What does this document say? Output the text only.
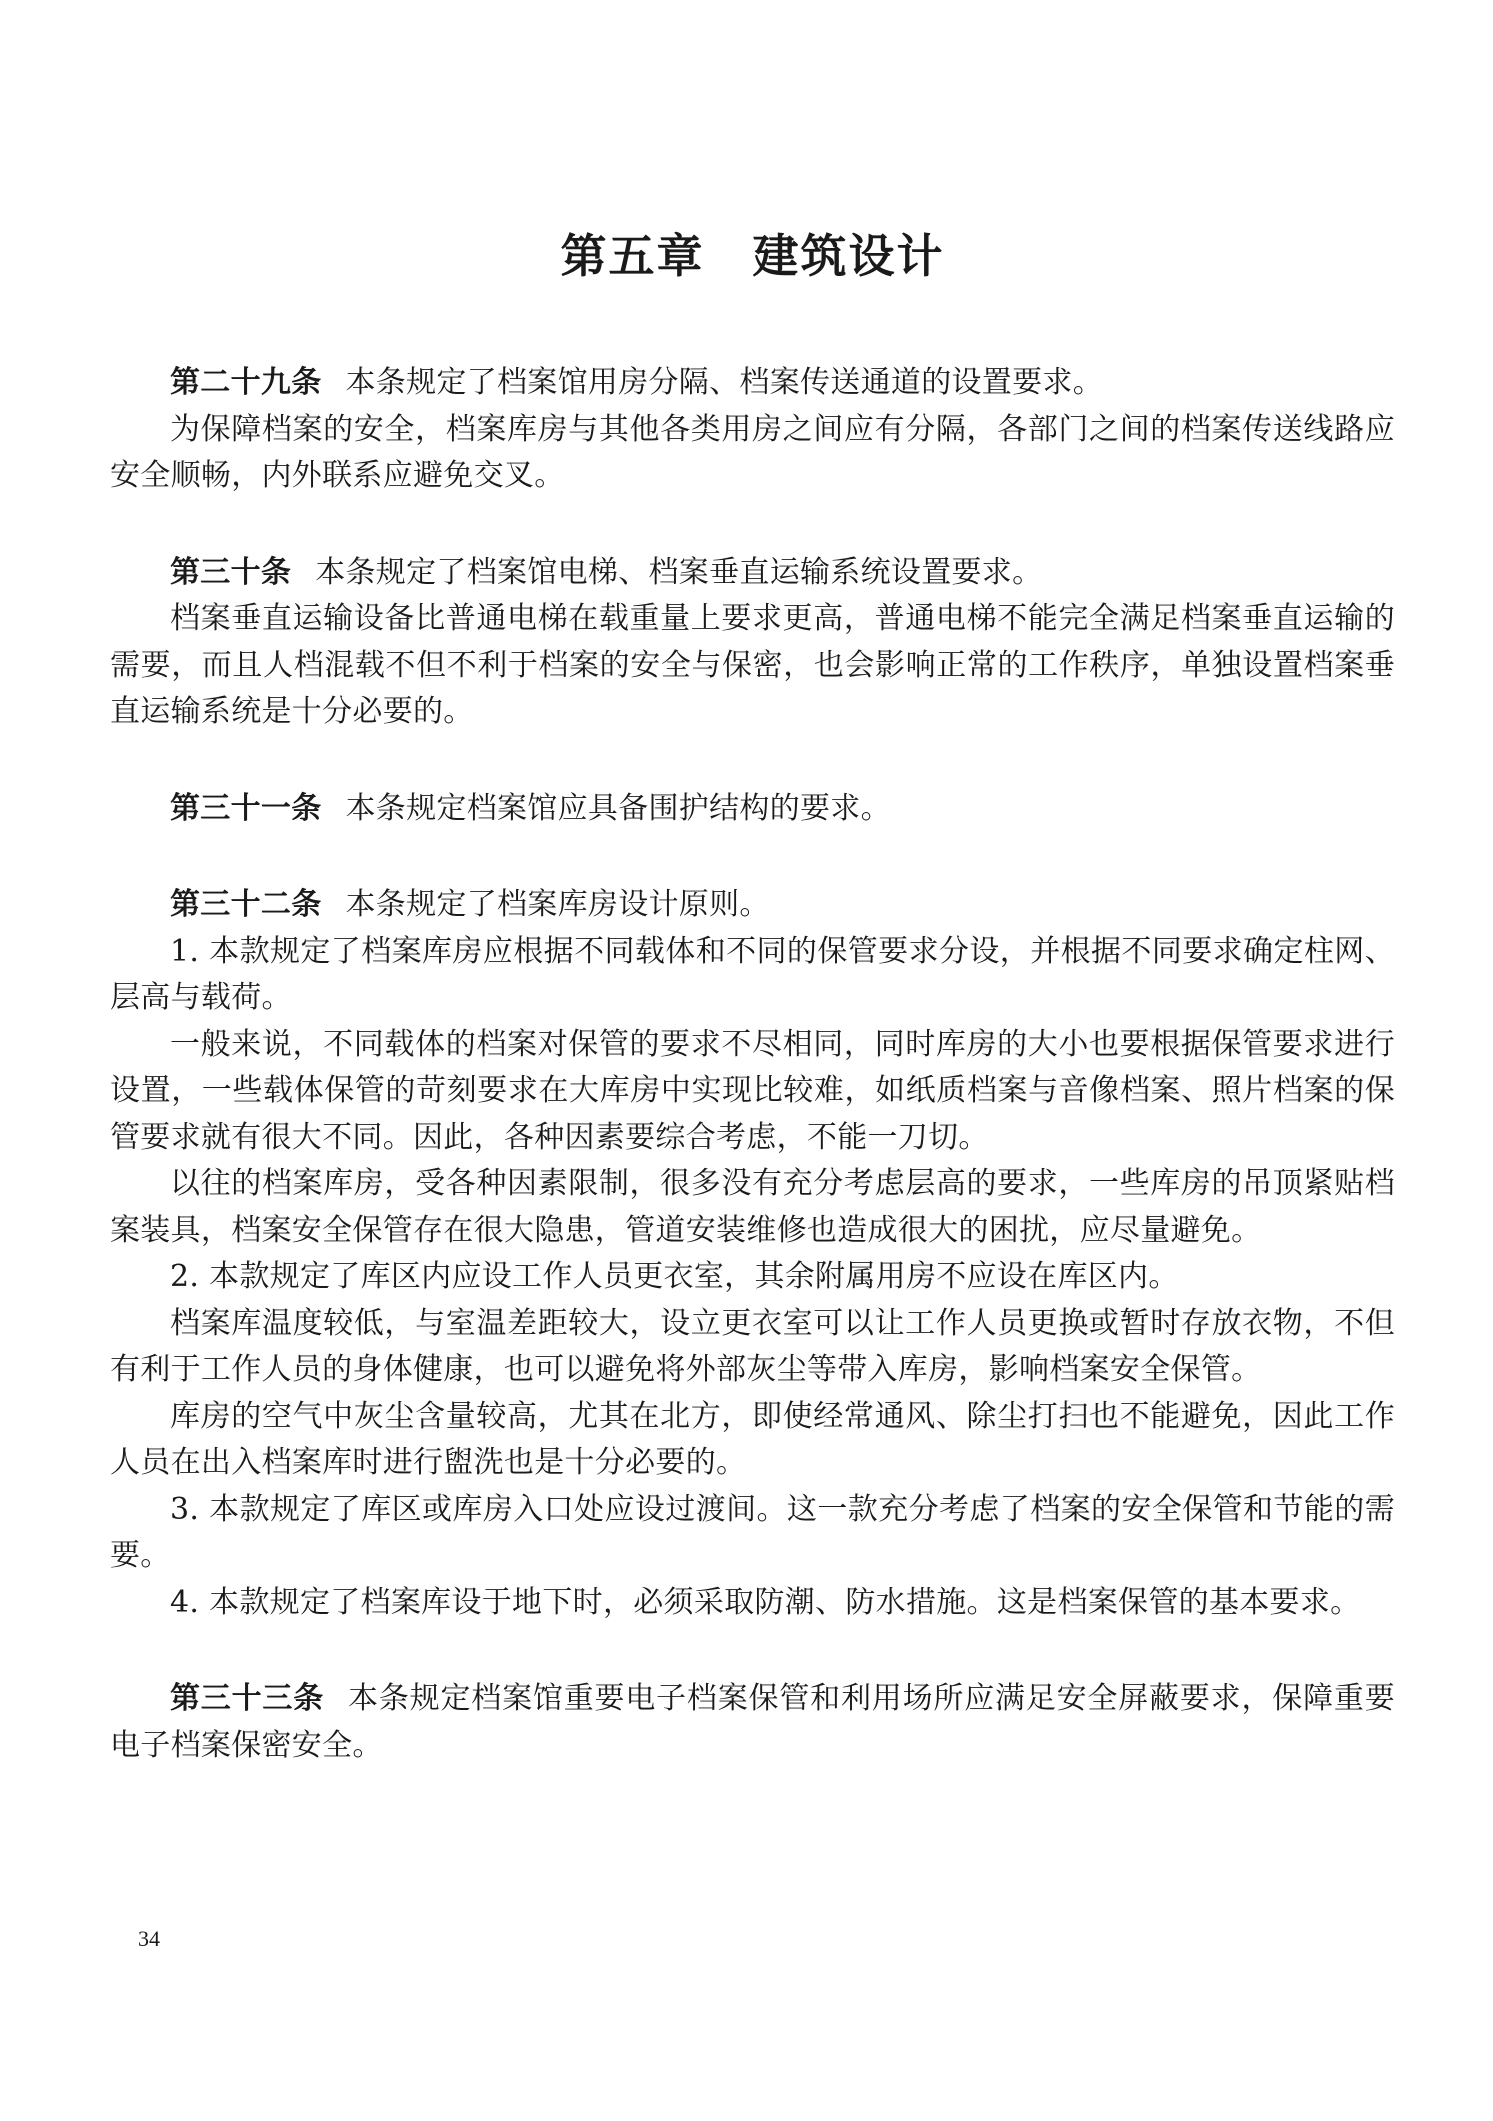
第五章　建筑设计

第二十九条 本条规定了档案馆用房分隔、档案传送通道的设置要求。

为保障档案的安全，档案库房与其他各类用房之间应有分隔，各部门之间的档案传送线路应安全顺畅，内外联系应避免交叉。

第三十条 本条规定了档案馆电梯、档案垂直运输系统设置要求。

档案垂直运输设备比普通电梯在载重量上要求更高，普通电梯不能完全满足档案垂直运输的需要，而且人档混载不但不利于档案的安全与保密，也会影响正常的工作秩序，单独设置档案垂直运输系统是十分必要的。

第三十一条 本条规定档案馆应具备围护结构的要求。

第三十二条 本条规定了档案库房设计原则。

1. 本款规定了档案库房应根据不同载体和不同的保管要求分设，并根据不同要求确定柱网、层高与载荷。

一般来说，不同载体的档案对保管的要求不尽相同，同时库房的大小也要根据保管要求进行设置，一些载体保管的苛刻要求在大库房中实现比较难，如纸质档案与音像档案、照片档案的保管要求就有很大不同。因此，各种因素要综合考虑，不能一刀切。

以往的档案库房，受各种因素限制，很多没有充分考虑层高的要求，一些库房的吊顶紧贴档案装具，档案安全保管存在很大隐患，管道安装维修也造成很大的困扰，应尽量避免。

2. 本款规定了库区内应设工作人员更衣室，其余附属用房不应设在库区内。

档案库温度较低，与室温差距较大，设立更衣室可以让工作人员更换或暂时存放衣物，不但有利于工作人员的身体健康，也可以避免将外部灰尘等带入库房，影响档案安全保管。

库房的空气中灰尘含量较高，尤其在北方，即使经常通风、除尘打扫也不能避免，因此工作人员在出入档案库时进行盥洗也是十分必要的。

3. 本款规定了库区或库房入口处应设过渡间。这一款充分考虑了档案的安全保管和节能的需要。

4. 本款规定了档案库设于地下时，必须采取防潮、防水措施。这是档案保管的基本要求。

第三十三条 本条规定档案馆重要电子档案保管和利用场所应满足安全屏蔽要求，保障重要电子档案保密安全。

34
